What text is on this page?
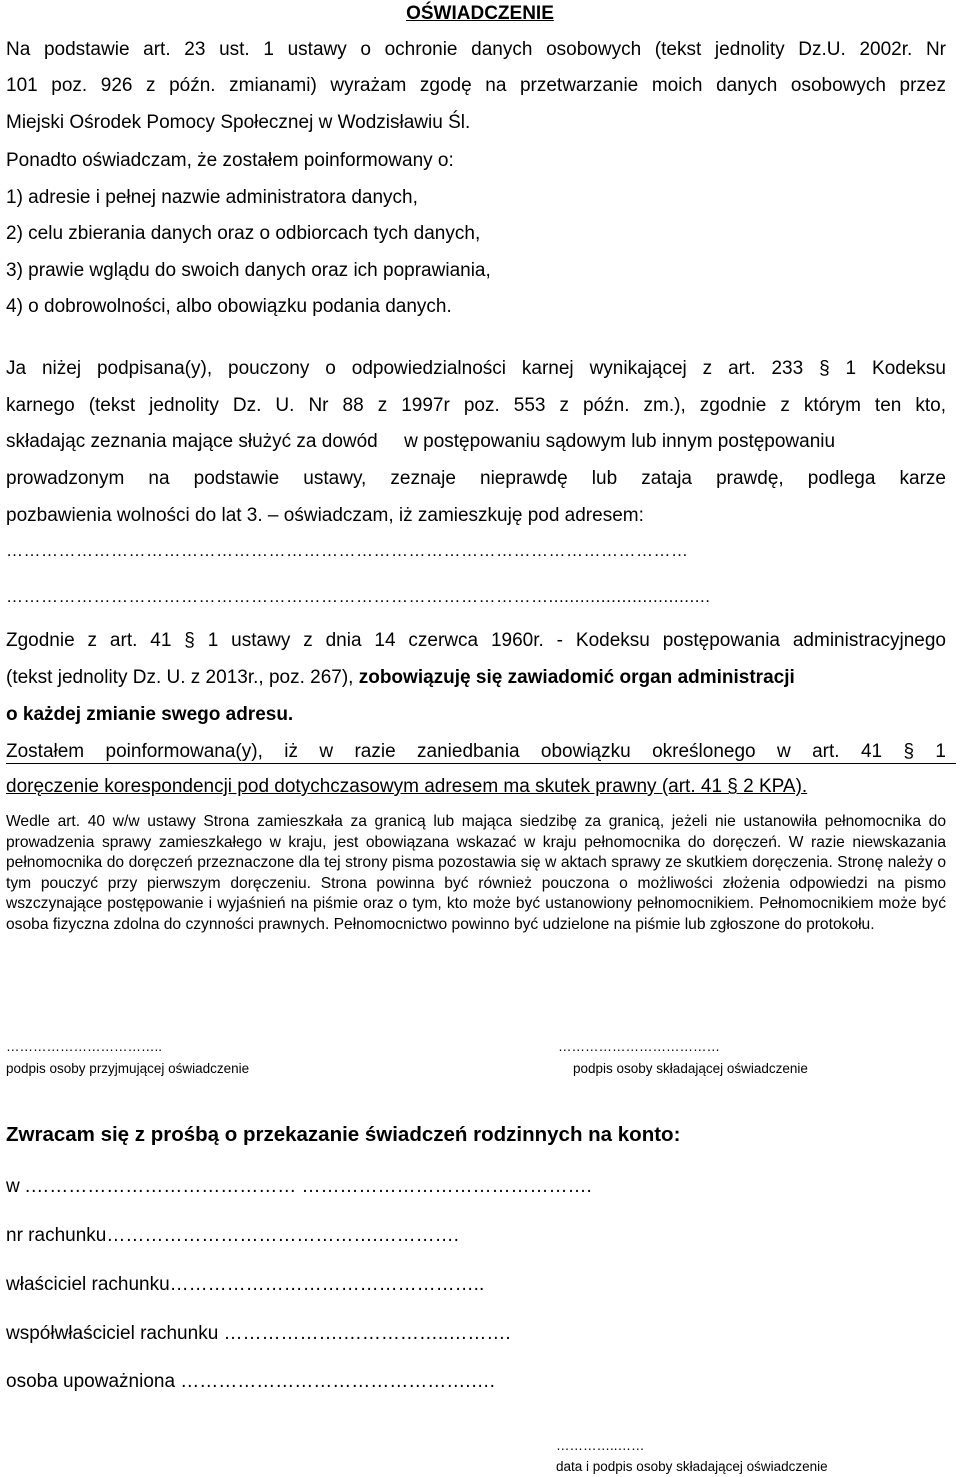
OŚWIADCZENIE
Na podstawie art. 23 ust. 1 ustawy o ochronie danych osobowych (tekst jednolity Dz.U. 2002r. Nr
101 poz. 926 z późn. zmianami) wyrażam zgodę na przetwarzanie moich danych osobowych przez
Miejski Ośrodek Pomocy Społecznej w Wodzisławiu Śl.
Ponadto oświadczam, że zostałem poinformowany o:
1) adresie i pełnej nazwie administratora danych,
2) celu zbierania danych oraz o odbiorcach tych danych,
3) prawie wglądu do swoich danych oraz ich poprawiania,
4) o dobrowolności, albo obowiązku podania danych.
Ja niżej podpisana(y), pouczony o odpowiedzialności karnej wynikającej z art. 233 § 1 Kodeksu
karnego (tekst jednolity Dz. U. Nr 88 z 1997r poz. 553 z późn. zm.), zgodnie z którym ten kto,
składając zeznania mające służyć za dowód     w postępowaniu sądowym lub innym postępowaniu
prowadzonym na podstawie ustawy, zeznaje nieprawdę lub zataja prawdę, podlega karze
pozbawienia wolności do lat 3. – oświadczam, iż zamieszkuję pod adresem:
………………………………………………………………………………………………………
…………………………………………………………………………………...............................
Zgodnie z art. 41 § 1 ustawy z dnia 14 czerwca 1960r. - Kodeksu postępowania administracyjnego
(tekst jednolity Dz. U. z 2013r., poz. 267), zobowiązuję się zawiadomić organ administracji
o każdej zmianie swego adresu.
Zostałem poinformowana(y), iż w razie zaniedbania obowiązku określonego w art. 41 § 1
doręczenie korespondencji pod dotychczasowym adresem ma skutek prawny (art. 41 § 2 KPA).
Wedle art. 40 w/w ustawy Strona zamieszkała za granicą lub mająca siedzibę za granicą, jeżeli nie ustanowiła pełnomocnika do prowadzenia sprawy zamieszkałego w kraju, jest obowiązana wskazać w kraju pełnomocnika do doręczeń. W razie niewskazania pełnomocnika do doręczeń przeznaczone dla tej strony pisma pozostawia się w aktach sprawy ze skutkiem doręczenia. Stronę należy o tym pouczyć przy pierwszym doręczeniu. Strona powinna być również pouczona o możliwości złożenia odpowiedzi na pismo wszczynające postępowanie i wyjaśnień na piśmie oraz o tym, kto może być ustanowiony pełnomocnikiem. Pełnomocnikiem może być osoba fizyczna zdolna do czynności prawnych. Pełnomocnictwo powinno być udzielone na piśmie lub zgłoszone do protokołu.
……………………………..
podpis osoby przyjmującej oświadczenie
………………………………
podpis osoby składającej oświadczenie
Zwracam się z prośbą o przekazanie świadczeń rodzinnych na konto:
w .…………………………………… ……………………………………….
nr rachunku…………………………………….………….
właściciel rachunku…………………………………………..
współwłaściciel rachunku ……………….……………..……….
osoba upoważniona ……………………………………….….
…………..……
data i podpis osoby składającej oświadczenie
